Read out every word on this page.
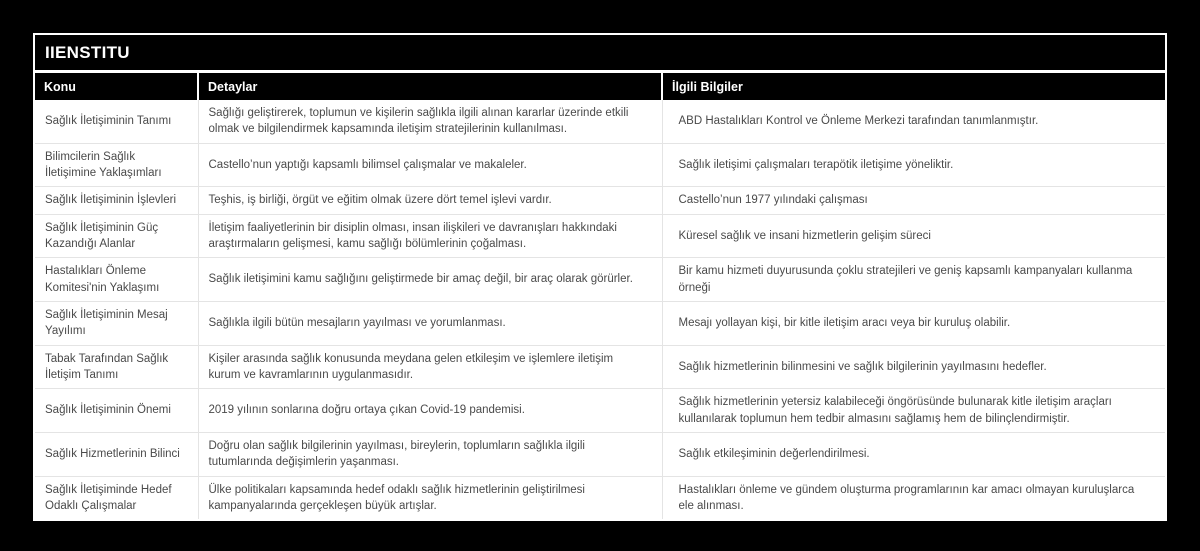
IIENSTITU
Konu	Detaylar	İlgili Bilgiler
Sağlık İletişiminin Tanımı	Sağlığı geliştirerek, toplumun ve kişilerin sağlıkla ilgili alınan kararlar üzerinde etkili olmak ve bilgilendirmek kapsamında iletişim stratejilerinin kullanılması.	ABD Hastalıkları Kontrol ve Önleme Merkezi tarafından tanımlanmıştır.
Bilimcilerin Sağlık İletişimine Yaklaşımları	Castello’nun yaptığı kapsamlı bilimsel çalışmalar ve makaleler.	Sağlık iletişimi çalışmaları terapötik iletişime yöneliktir.
Sağlık İletişiminin İşlevleri	Teşhis, iş birliği, örgüt ve eğitim olmak üzere dört temel işlevi vardır.	Castello’nun 1977 yılındaki çalışması
Sağlık İletişiminin Güç Kazandığı Alanlar	İletişim faaliyetlerinin bir disiplin olması, insan ilişkileri ve davranışları hakkındaki araştırmaların gelişmesi, kamu sağlığı bölümlerinin çoğalması.	Küresel sağlık ve insani hizmetlerin gelişim süreci
Hastalıkları Önleme Komitesi'nin Yaklaşımı	Sağlık iletişimini kamu sağlığını geliştirmede bir amaç değil, bir araç olarak görürler.	Bir kamu hizmeti duyurusunda çoklu stratejileri ve geniş kapsamlı kampanyaları kullanma örneği
Sağlık İletişiminin Mesaj Yayılımı	Sağlıkla ilgili bütün mesajların yayılması ve yorumlanması.	Mesajı yollayan kişi, bir kitle iletişim aracı veya bir kuruluş olabilir.
Tabak Tarafından Sağlık İletişim Tanımı	Kişiler arasında sağlık konusunda meydana gelen etkileşim ve işlemlere iletişim kurum ve kavramlarının uygulanmasıdır.	Sağlık hizmetlerinin bilinmesini ve sağlık bilgilerinin yayılmasını hedefler.
Sağlık İletişiminin Önemi	2019 yılının sonlarına doğru ortaya çıkan Covid-19 pandemisi.	Sağlık hizmetlerinin yetersiz kalabileceği öngörüsünde bulunarak kitle iletişim araçları kullanılarak toplumun hem tedbir almasını sağlamış hem de bilinçlendirmiştir.
Sağlık Hizmetlerinin Bilinci	Doğru olan sağlık bilgilerinin yayılması, bireylerin, toplumların sağlıkla ilgili tutumlarında değişimlerin yaşanması.	Sağlık etkileşiminin değerlendirilmesi.
Sağlık İletişiminde Hedef Odaklı Çalışmalar	Ülke politikaları kapsamında hedef odaklı sağlık hizmetlerinin geliştirilmesi kampanyalarında gerçekleşen büyük artışlar.	Hastalıkları önleme ve gündem oluşturma programlarının kar amacı olmayan kuruluşlarca ele alınması.
